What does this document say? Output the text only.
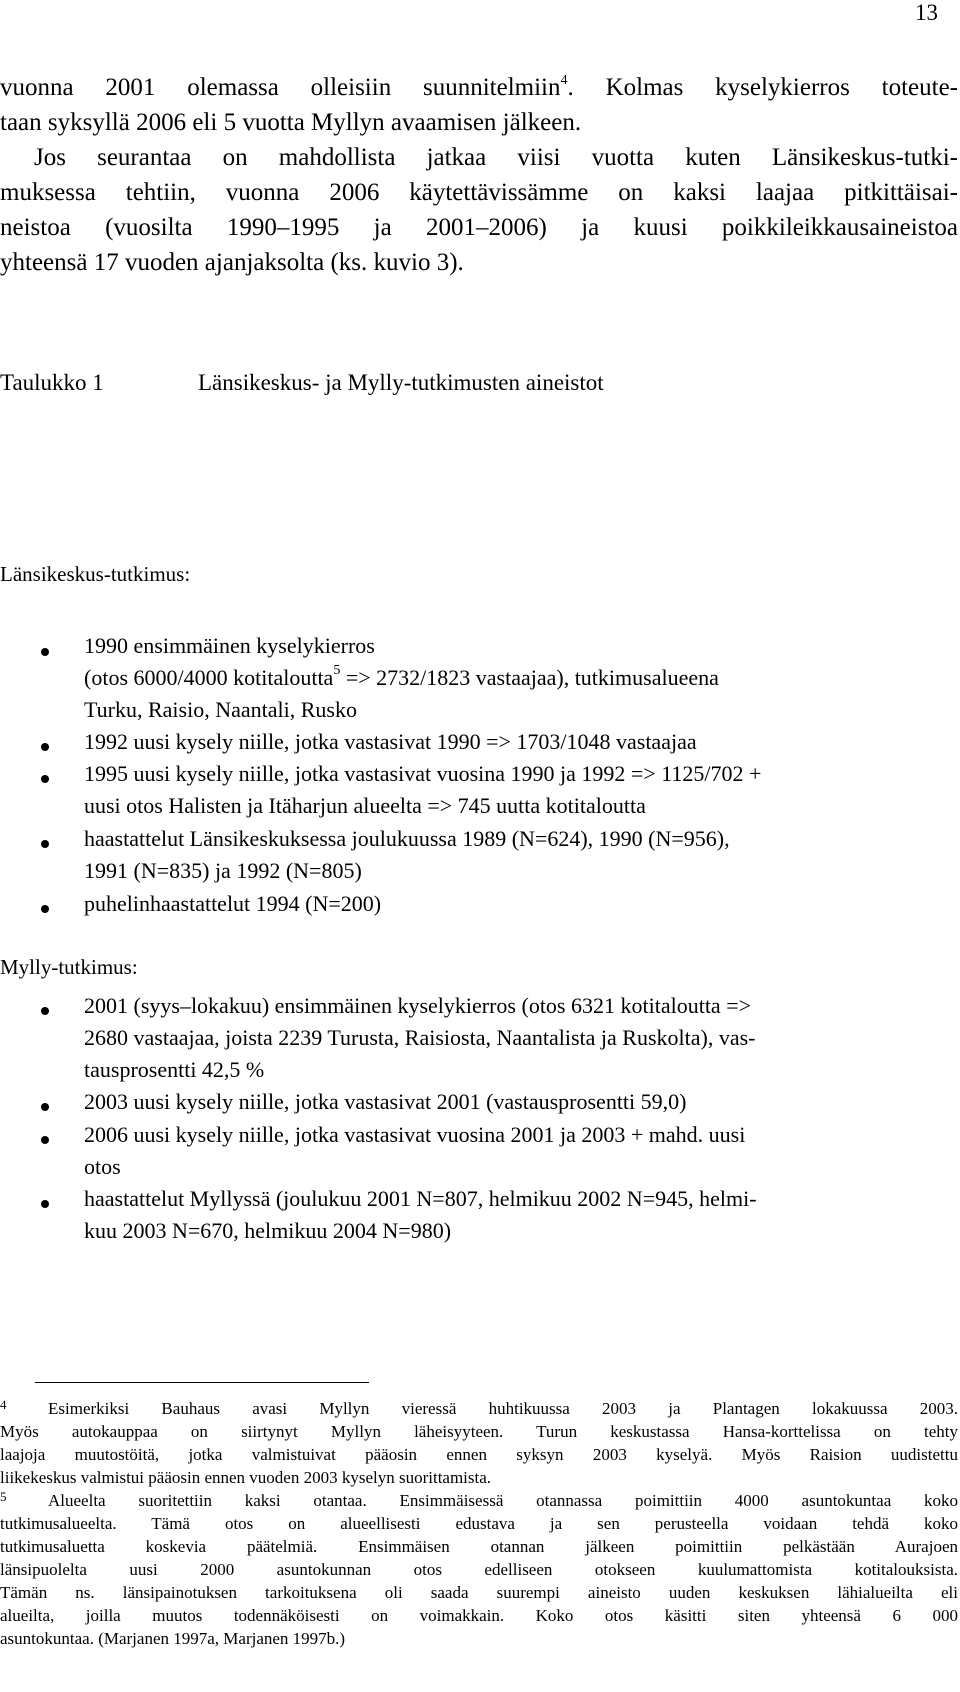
13
vuonna 2001 olemassa olleisiin suunnitelmiin$^4$. Kolmas kyselykierros toteute-
taan syksyllä 2006 eli 5 vuotta Myllyn avaamisen jälkeen.
Jos seurantaa on mahdollista jatkaa viisi vuotta kuten Länsikeskus-tutki-
muksessa tehtiin, vuonna 2006 käytettävissämme on kaksi laajaa pitkittäisai-
neistoa (vuosilta 1990–1995 ja 2001–2006) ja kuusi poikkileikkausaineistoa
yhteensä 17 vuoden ajanjaksolta (ks. kuvio 3).
Taulukko 1	Länsikeskus- ja Mylly-tutkimusten aineistot
Länsikeskus-tutkimus:
1990 ensimmäinen kyselykierros
(otos 6000/4000 kotitaloutta$^5$ => 2732/1823 vastaajaa), tutkimusalueena
Turku, Raisio, Naantali, Rusko
1992 uusi kysely niille, jotka vastasivat 1990 => 1703/1048 vastaajaa
1995 uusi kysely niille, jotka vastasivat vuosina 1990 ja 1992 => 1125/702 +
uusi otos Halisten ja Itäharjun alueelta => 745 uutta kotitaloutta
haastattelut Länsikeskuksessa joulukuussa 1989 (N=624), 1990 (N=956),
1991 (N=835) ja 1992 (N=805)
puhelinhaastattelut 1994 (N=200)
Mylly-tutkimus:
2001 (syys–lokakuu) ensimmäinen kyselykierros (otos 6321 kotitaloutta =>
2680 vastaajaa, joista 2239 Turusta, Raisiosta, Naantalista ja Ruskolta), vas-
tausprosentti 42,5 %
2003 uusi kysely niille, jotka vastasivat 2001 (vastausprosentti 59,0)
2006 uusi kysely niille, jotka vastasivat vuosina 2001 ja 2003 + mahd. uusi
otos
haastattelut Myllyssä (joulukuu 2001 N=807, helmikuu 2002 N=945, helmi-
kuu 2003 N=670, helmikuu 2004 N=980)
4	Esimerkiksi Bauhaus avasi Myllyn vieressä huhtikuussa 2003 ja Plantagen lokakuussa 2003.
Myös autokauppaa on siirtynyt Myllyn läheisyyteen. Turun keskustassa Hansa-korttelissa on tehty
laajoja muutostöitä, jotka valmistuivat pääosin ennen syksyn 2003 kyselyä. Myös Raision uudistettu
liikekeskus valmistui pääosin ennen vuoden 2003 kyselyn suorittamista.
5	Alueelta suoritettiin kaksi otantaa. Ensimmäisessä otannassa poimittiin 4000 asuntokuntaa koko
tutkimusalueelta. Tämä otos on alueellisesti edustava ja sen perusteella voidaan tehdä koko
tutkimusaluetta koskevia päätelmiä. Ensimmäisen otannan jälkeen poimittiin pelkästään Aurajoen
länsipuolelta uusi 2000 asuntokunnan otos edelliseen otokseen kuulumattomista kotitalouksista.
Tämän ns. länsipainotuksen tarkoituksena oli saada suurempi aineisto uuden keskuksen lähialueilta eli
alueilta, joilla muutos todennäköisesti on voimakkain. Koko otos käsitti siten yhteensä 6 000
asuntokuntaa. (Marjanen 1997a, Marjanen 1997b.)
